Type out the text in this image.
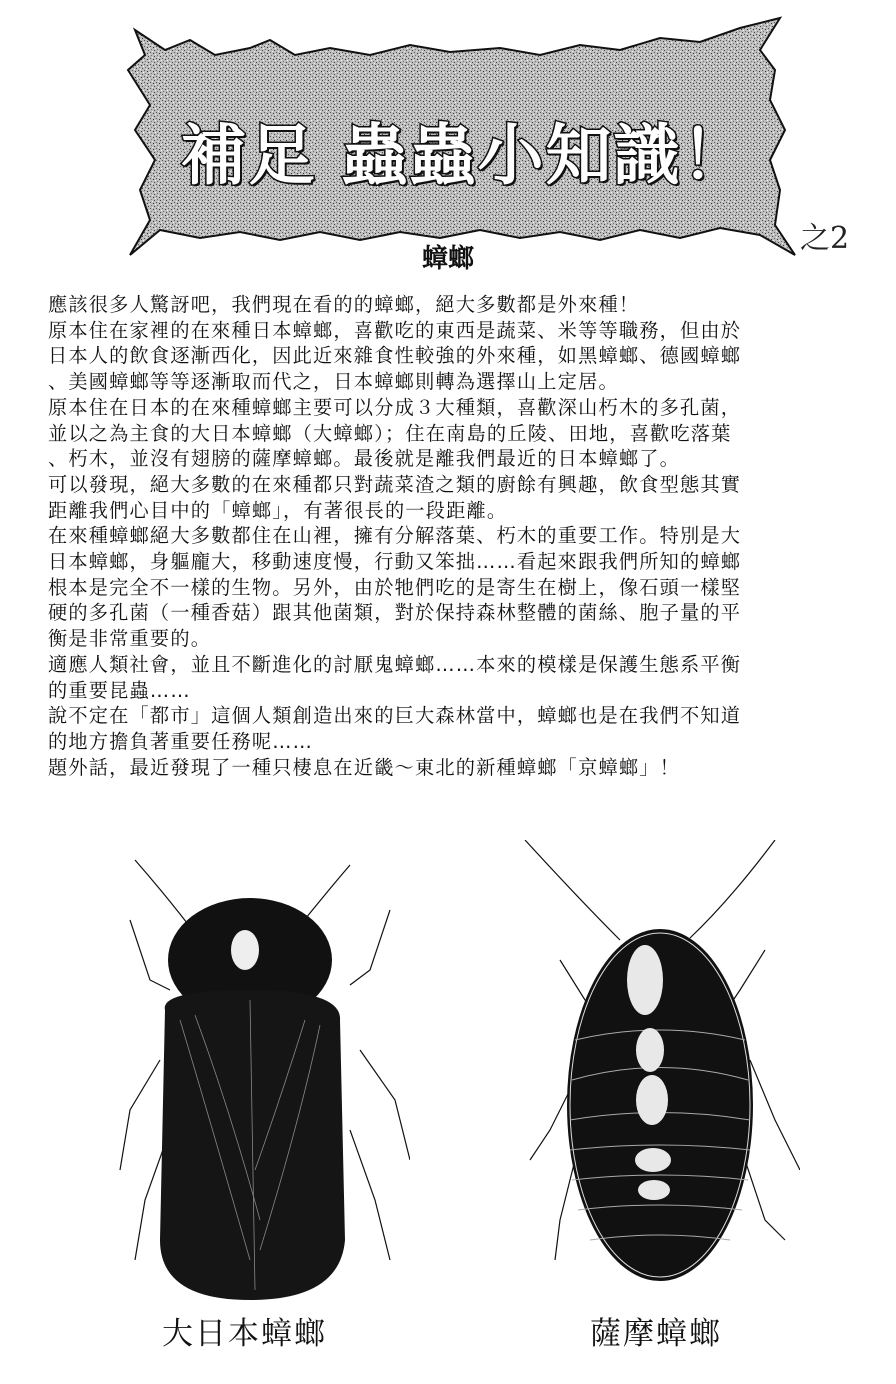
補足 蟲蟲小知識！
之2
蟑螂

應該很多人驚訝吧，我們現在看的的蟑螂，絕大多數都是外來種！

原本住在家裡的在來種日本蟑螂，喜歡吃的東西是蔬菜、米等等職務，但由於

日本人的飲食逐漸西化，因此近來雜食性較強的外來種，如黑蟑螂、德國蟑螂

、美國蟑螂等等逐漸取而代之，日本蟑螂則轉為選擇山上定居。

原本住在日本的在來種蟑螂主要可以分成３大種類，喜歡深山朽木的多孔菌，

並以之為主食的大日本蟑螂（大蟑螂）；住在南島的丘陵、田地，喜歡吃落葉

、朽木，並沒有翅膀的薩摩蟑螂。最後就是離我們最近的日本蟑螂了。

可以發現，絕大多數的在來種都只對蔬菜渣之類的廚餘有興趣，飲食型態其實

距離我們心目中的「蟑螂」，有著很長的一段距離。

在來種蟑螂絕大多數都住在山裡，擁有分解落葉、朽木的重要工作。特別是大

日本蟑螂，身軀龐大，移動速度慢，行動又笨拙……看起來跟我們所知的蟑螂

根本是完全不一樣的生物。另外，由於牠們吃的是寄生在樹上，像石頭一樣堅

硬的多孔菌（一種香菇）跟其他菌類，對於保持森林整體的菌絲、胞子量的平

衡是非常重要的。

適應人類社會，並且不斷進化的討厭鬼蟑螂……本來的模樣是保護生態系平衡

的重要昆蟲……

說不定在「都市」這個人類創造出來的巨大森林當中，蟑螂也是在我們不知道

的地方擔負著重要任務呢……

題外話，最近發現了一種只棲息在近畿～東北的新種蟑螂「京蟑螂」！

大日本蟑螂	薩摩蟑螂
